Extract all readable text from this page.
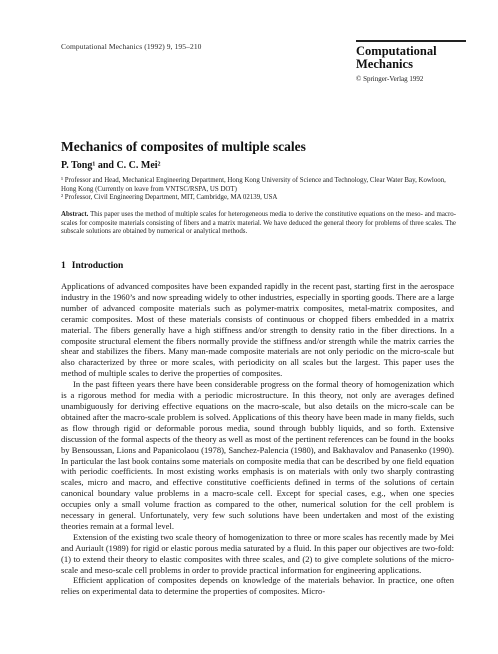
Computational Mechanics (1992) 9, 195–210	Computational
Mechanics
© Springer-Verlag 1992
Mechanics of composites of multiple scales
P. Tong¹ and C. C. Mei²
¹ Professor and Head, Mechanical Engineering Department, Hong Kong University of Science and Technology, Clear Water Bay, Kowloon, Hong Kong (Currently on leave from VNTSC/RSPA, US DOT)
² Professor, Civil Engineering Department, MIT, Cambridge, MA 02139, USA
Abstract. This paper uses the method of multiple scales for heterogeneous media to derive the constitutive equations on the meso- and macro-scales for composite materials consisting of fibers and a matrix material. We have deduced the general theory for problems of three scales. The subscale solutions are obtained by numerical or analytical methods.
1 Introduction

Applications of advanced composites have been expanded rapidly in the recent past, starting first in the aerospace industry in the 1960’s and now spreading widely to other industries, especially in sporting goods. There are a large number of advanced composite materials such as polymer-matrix composites, metal-matrix composites, and ceramic composites. Most of these materials consists of continuous or chopped fibers embedded in a matrix material. The fibers generally have a high stiffness and/or strength to density ratio in the fiber directions. In a composite structural element the fibers normally provide the stiffness and/or strength while the matrix carries the shear and stabilizes the fibers. Many man-made composite materials are not only periodic on the micro-scale but also characterized by three or more scales, with periodicity on all scales but the largest. This paper uses the method of multiple scales to derive the properties of composites.

In the past fifteen years there have been considerable progress on the formal theory of homogenization which is a rigorous method for media with a periodic microstructure. In this theory, not only are averages defined unambiguously for deriving effective equations on the macro-scale, but also details on the micro-scale can be obtained after the macro-scale problem is solved. Applications of this theory have been made in many fields, such as flow through rigid or deformable porous media, sound through bubbly liquids, and so forth. Extensive discussion of the formal aspects of the theory as well as most of the pertinent references can be found in the books by Bensoussan, Lions and Papanicolaou (1978), Sanchez-Palencia (1980), and Bakhavalov and Panasenko (1990). In particular the last book contains some materials on composite media that can be described by one field equation with periodic coefficients. In most existing works emphasis is on materials with only two sharply contrasting scales, micro and macro, and effective constitutive coefficients defined in terms of the solutions of certain canonical boundary value problems in a macro-scale cell. Except for special cases, e.g., when one species occupies only a small volume fraction as compared to the other, numerical solution for the cell problem is necessary in general. Unfortunately, very few such solutions have been undertaken and most of the existing theories remain at a formal level.

Extension of the existing two scale theory of homogenization to three or more scales has recently made by Mei and Auriault (1989) for rigid or elastic porous media saturated by a fluid. In this paper our objectives are two-fold: (1) to extend their theory to elastic composites with three scales, and (2) to give complete solutions of the micro-scale and meso-scale cell problems in order to provide practical information for engineering applications.

Efficient application of composites depends on knowledge of the materials behavior. In practice, one often relies on experimental data to determine the properties of composites. Micro-
